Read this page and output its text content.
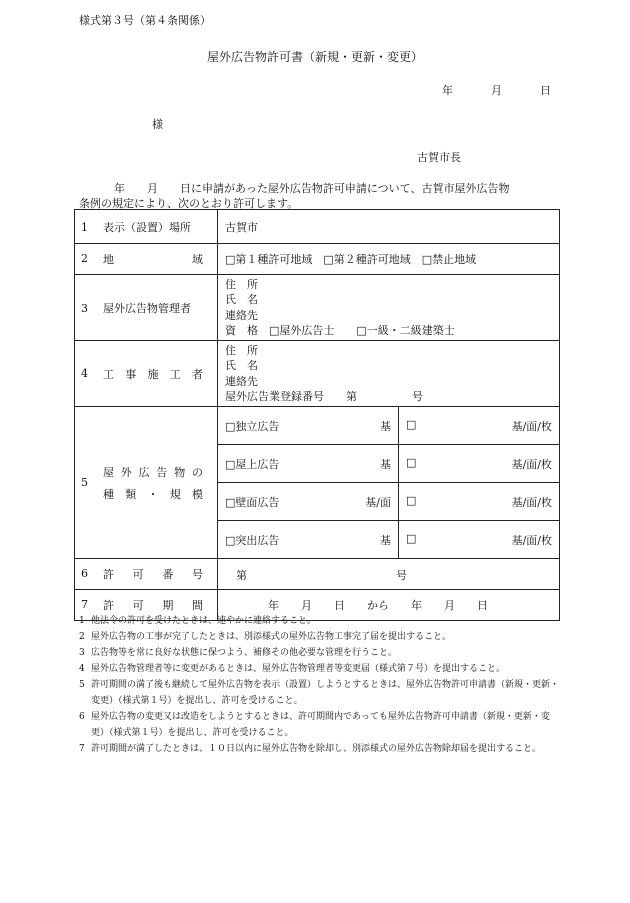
様式第３号（第４条関係）
屋外広告物許可書（新規・更新・変更）
年	月	日
様
古賀市長
年　　月　　日に申請があった屋外広告物許可申請について、古賀市屋外広告物
条例の規定により、次のとおり許可します。
1 表示（設置）場所	古賀市	
2 地 域	□第１種許可地域　□第２種許可地域　□禁止地域	
3 屋外広告物管理者	住　所
氏　名
連絡先
資　格　□屋外広告士　　□一級・二級建築士	

4 工事施工者	住　所
氏　名
連絡先
屋外広告業登録番号　　第　　　　　号	

5
屋外広告物の
種類・規模	□独立広告 基	□ 基/面/枚

	□屋上広告 基	□ 基/面/枚

	□壁面広告 基/面	□ 基/面/枚

	□突出広告 基	□ 基/面/枚

6 許可番号	第 号	

7 許可期間	年　　月　　日　　から　　年　　月　　日	
1 他法令の許可を受けたときは、速やかに連絡すること。
2 屋外広告物の工事が完了したときは、別添様式の屋外広告物工事完了届を提出すること。
3 広告物等を常に良好な状態に保つよう、補修その他必要な管理を行うこと。
4 屋外広告物管理者等に変更があるときは、屋外広告物管理者等変更届（様式第７号）を提出すること。
5 許可期間の満了後も継続して屋外広告物を表示（設置）しようとするときは、屋外広告物許可申請書（新規・更新・変更）（様式第１号）を提出し、許可を受けること。
6 屋外広告物の変更又は改造をしようとするときは、許可期間内であっても屋外広告物許可申請書（新規・更新・変更）（様式第１号）を提出し、許可を受けること。
7 許可期間が満了したときは、１０日以内に屋外広告物を除却し、別添様式の屋外広告物除却届を提出すること。
